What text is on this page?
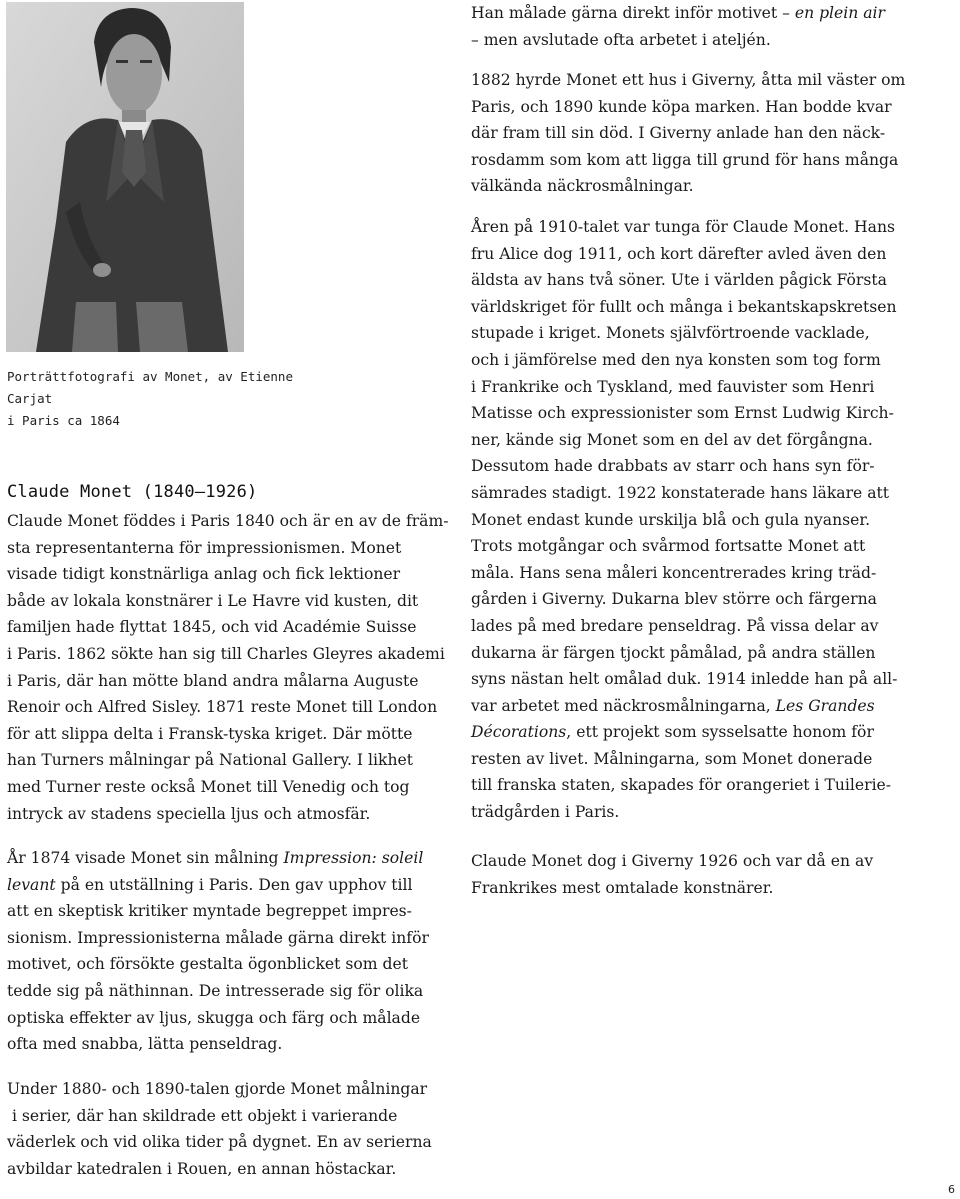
Porträttfotografi av Monet, av Etienne Carjat
i Paris ca 1864
Claude Monet (1840–1926)

Claude Monet föddes i Paris 1840 och är en av de främ-

sta representanterna för impressionismen. Monet

visade tidigt konstnärliga anlag och fick lektioner

både av lokala konstnärer i Le Havre vid kusten, dit

familjen hade flyttat 1845, och vid Académie Suisse

i Paris. 1862 sökte han sig till Charles Gleyres akademi

i Paris, där han mötte bland andra målarna Auguste

Renoir och Alfred Sisley. 1871 reste Monet till London

för att slippa delta i Fransk-tyska kriget. Där mötte

han Turners målningar på National Gallery. I likhet

med Turner reste också Monet till Venedig och tog

intryck av stadens speciella ljus och atmosfär.

År 1874 visade Monet sin målning Impression: soleil

levant på en utställning i Paris. Den gav upphov till

att en skeptisk kritiker myntade begreppet impres-

sionism. Impressionisterna målade gärna direkt inför

motivet, och försökte gestalta ögonblicket som det

tedde sig på näthinnan. De intresserade sig för olika

optiska effekter av ljus, skugga och färg och målade

ofta med snabba, lätta penseldrag.

Under 1880- och 1890-talen gjorde Monet målningar

i serier, där han skildrade ett objekt i varierande

väderlek och vid olika tider på dygnet. En av serierna

avbildar katedralen i Rouen, en annan höstackar.

Han målade gärna direkt inför motivet – en plein air

– men avslutade ofta arbetet i ateljén.

1882 hyrde Monet ett hus i Giverny, åtta mil väster om

Paris, och 1890 kunde köpa marken. Han bodde kvar

där fram till sin död. I Giverny anlade han den näck-

rosdamm som kom att ligga till grund för hans många

välkända näckrosmålningar.

Åren på 1910-talet var tunga för Claude Monet. Hans

fru Alice dog 1911, och kort därefter avled även den

äldsta av hans två söner. Ute i världen pågick Första

världskriget för fullt och många i bekantskapskretsen

stupade i kriget. Monets självförtroende vacklade,

och i jämförelse med den nya konsten som tog form

i Frankrike och Tyskland, med fauvister som Henri

Matisse och expressionister som Ernst Ludwig Kirch-

ner, kände sig Monet som en del av det förgångna.

Dessutom hade drabbats av starr och hans syn för-

sämrades stadigt. 1922 konstaterade hans läkare att

Monet endast kunde urskilja blå och gula nyanser.

Trots motgångar och svårmod fortsatte Monet att

måla. Hans sena måleri koncentrerades kring träd-

gården i Giverny. Dukarna blev större och färgerna

lades på med bredare penseldrag. På vissa delar av

dukarna är färgen tjockt påmålad, på andra ställen

syns nästan helt omålad duk. 1914 inledde han på all-

var arbetet med näckrosmålningarna, Les Grandes

Décorations, ett projekt som sysselsatte honom för

resten av livet. Målningarna, som Monet donerade

till franska staten, skapades för orangeriet i Tuilerie-

trädgården i Paris.

Claude Monet dog i Giverny 1926 och var då en av

Frankrikes mest omtalade konstnärer.

6
